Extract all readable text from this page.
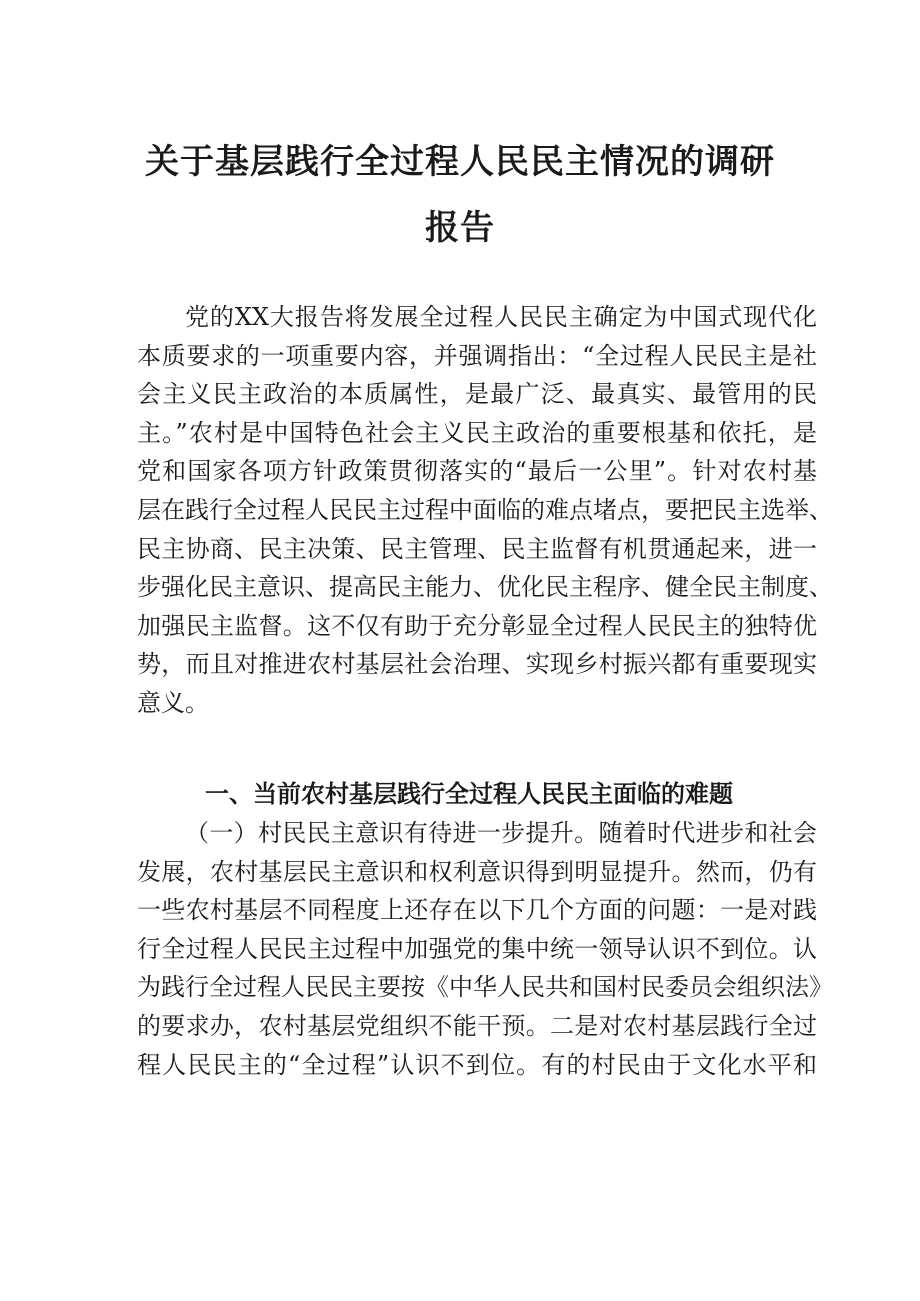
关于基层践行全过程人民民主情况的调研
报告
党的XX大报告将发展全过程人民民主确定为中国式现代化
本质要求的一项重要内容，并强调指出：“全过程人民民主是社
会主义民主政治的本质属性，是最广泛、最真实、最管用的民
主。”农村是中国特色社会主义民主政治的重要根基和依托，是
党和国家各项方针政策贯彻落实的“最后一公里”。针对农村基
层在践行全过程人民民主过程中面临的难点堵点，要把民主选举、
民主协商、民主决策、民主管理、民主监督有机贯通起来，进一
步强化民主意识、提高民主能力、优化民主程序、健全民主制度、
加强民主监督。这不仅有助于充分彰显全过程人民民主的独特优
势，而且对推进农村基层社会治理、实现乡村振兴都有重要现实
意义。
一、当前农村基层践行全过程人民民主面临的难题
（一）村民民主意识有待进一步提升。随着时代进步和社会
发展，农村基层民主意识和权利意识得到明显提升。然而，仍有
一些农村基层不同程度上还存在以下几个方面的问题：一是对践
行全过程人民民主过程中加强党的集中统一领导认识不到位。认
为践行全过程人民民主要按《中华人民共和国村民委员会组织法》
的要求办，农村基层党组织不能干预。二是对农村基层践行全过
程人民民主的“全过程”认识不到位。有的村民由于文化水平和
